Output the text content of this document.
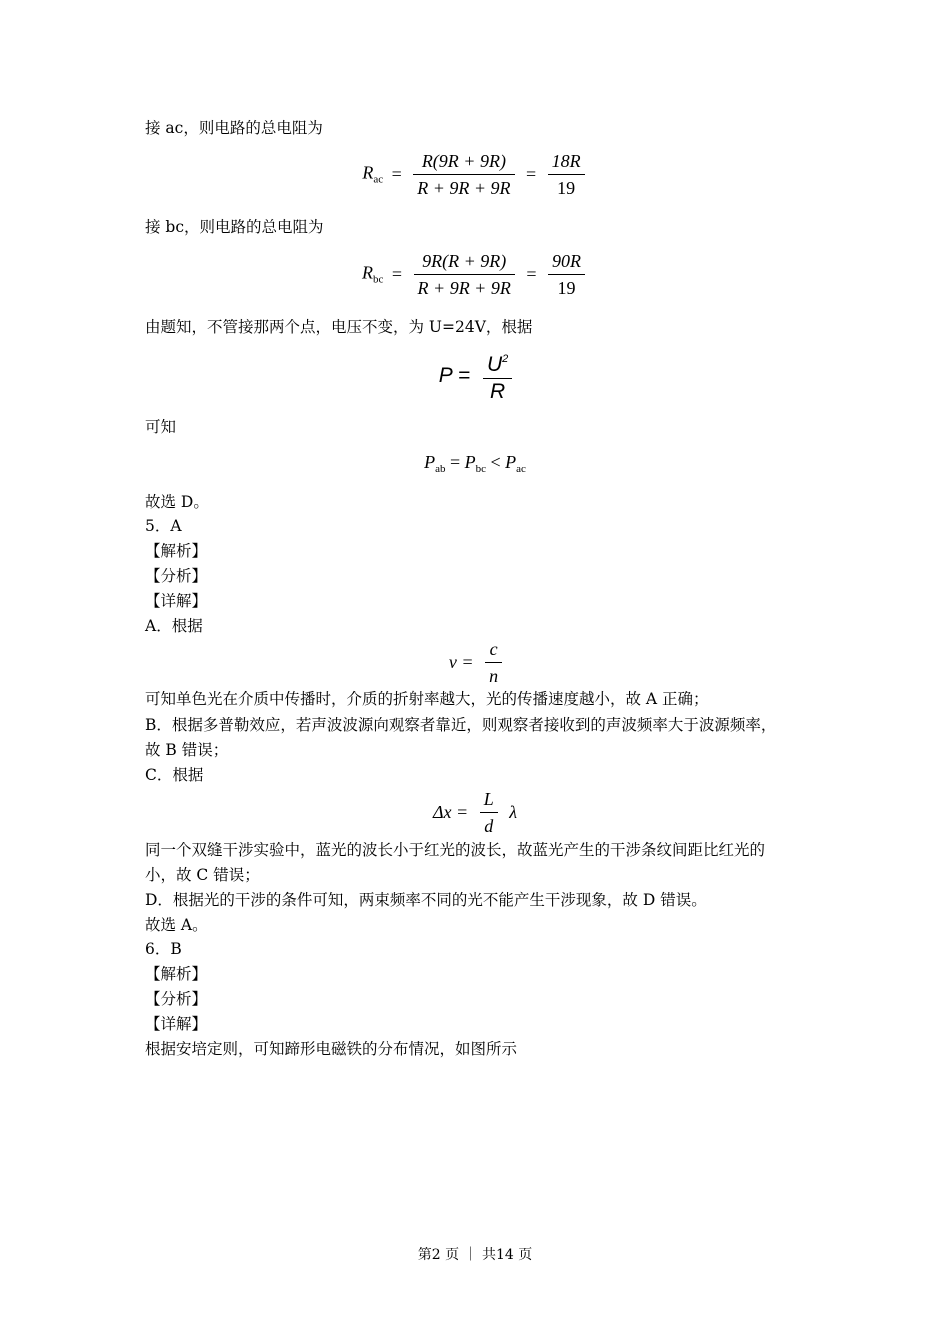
接 ac，则电路的总电阻为
$R_{ac} = \frac{R(9R + 9R)}{R + 9R + 9R} = \frac{18R}{19}$
接 bc，则电路的总电阻为
$R_{bc} = \frac{9R(R + 9R)}{R + 9R + 9R} = \frac{90R}{19}$
由题知，不管接那两个点，电压不变，为 U=24V，根据
$P = \frac{U^2}{R}$
可知
$P_{ab} = P_{bc} < P_{ac}$
故选 D。
5．A
【解析】
【分析】
【详解】
A．根据
$v = \frac{c}{n}$
可知单色光在介质中传播时，介质的折射率越大，光的传播速度越小，故 A 正确；
B．根据多普勒效应，若声波波源向观察者靠近，则观察者接收到的声波频率大于波源频率，
故 B 错误；
C．根据
$\Delta x = \frac{L}{d}$ λ
同一个双缝干涉实验中，蓝光的波长小于红光的波长，故蓝光产生的干涉条纹间距比红光的
小，故 C 错误；
D．根据光的干涉的条件可知，两束频率不同的光不能产生干涉现象，故 D 错误。
故选 A。
6．B
【解析】
【分析】
【详解】
根据安培定则，可知蹄形电磁铁的分布情况，如图所示
第2 页 ｜ 共14 页
